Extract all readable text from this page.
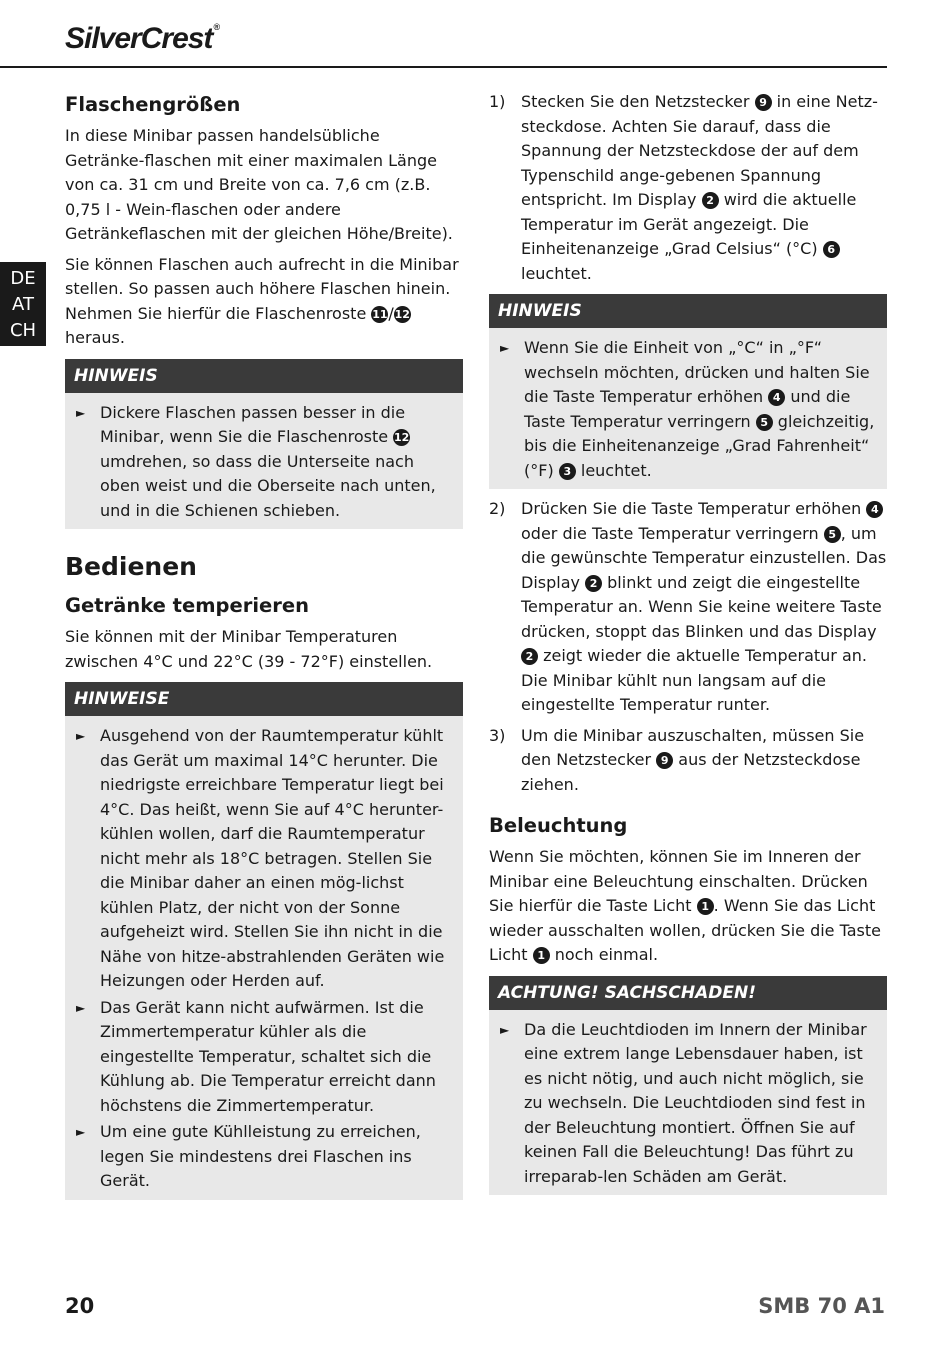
SilverCrest®
DE
AT
CH
Flaschengrößen

In diese Minibar passen handelsübliche Getränke-flaschen mit einer maximalen Länge von ca. 31 cm und Breite von ca. 7,6 cm (z.B. 0,75 l - Wein-flaschen oder andere Getränkeflaschen mit der gleichen Höhe/Breite).

Sie können Flaschen auch aufrecht in die Minibar stellen. So passen auch höhere Flaschen hinein. Nehmen Sie hierfür die Flaschenroste 11/12 heraus.

HINWEIS
► Dickere Flaschen passen besser in die Minibar, wenn Sie die Flaschenroste 12 umdrehen, so dass die Unterseite nach oben weist und die Oberseite nach unten, und in die Schienen schieben.
Bedienen
Getränke temperieren

Sie können mit der Minibar Temperaturen zwischen 4°C und 22°C (39 - 72°F) einstellen.

HINWEISE
► Ausgehend von der Raumtemperatur kühlt das Gerät um maximal 14°C herunter. Die niedrigste erreichbare Temperatur liegt bei 4°C. Das heißt, wenn Sie auf 4°C herunter-kühlen wollen, darf die Raumtemperatur nicht mehr als 18°C betragen. Stellen Sie die Minibar daher an einen mög-lichst kühlen Platz, der nicht von der Sonne aufgeheizt wird. Stellen Sie ihn nicht in die Nähe von hitze-abstrahlenden Geräten wie Heizungen oder Herden auf.
► Das Gerät kann nicht aufwärmen. Ist die Zimmertemperatur kühler als die eingestellte Temperatur, schaltet sich die Kühlung ab. Die Temperatur erreicht dann höchstens die Zimmertemperatur.
► Um eine gute Kühlleistung zu erreichen, legen Sie mindestens drei Flaschen ins Gerät.
1) Stecken Sie den Netzstecker 9 in eine Netz-steckdose. Achten Sie darauf, dass die Spannung der Netzsteckdose der auf dem Typenschild ange-gebenen Spannung entspricht. Im Display 2 wird die aktuelle Temperatur im Gerät angezeigt. Die Einheitenanzeige „Grad Celsius“ (°C) 6 leuchtet.
HINWEIS
► Wenn Sie die Einheit von „°C“ in „°F“ wechseln möchten, drücken und halten Sie die Taste Temperatur erhöhen 4 und die Taste Temperatur verringern 5 gleichzeitig, bis die Einheitenanzeige „Grad Fahrenheit“ (°F) 3 leuchtet.
2) Drücken Sie die Taste Temperatur erhöhen 4 oder die Taste Temperatur verringern 5 , um die gewünschte Temperatur einzustellen. Das Display 2 blinkt und zeigt die eingestellte Temperatur an. Wenn Sie keine weitere Taste drücken, stoppt das Blinken und das Display 2 zeigt wieder die aktuelle Temperatur an. Die Minibar kühlt nun langsam auf die eingestellte Temperatur runter.
3) Um die Minibar auszuschalten, müssen Sie den Netzstecker 9 aus der Netzsteckdose ziehen.
Beleuchtung

Wenn Sie möchten, können Sie im Inneren der Minibar eine Beleuchtung einschalten. Drücken Sie hierfür die Taste Licht 1 . Wenn Sie das Licht wieder ausschalten wollen, drücken Sie die Taste Licht 1 noch einmal.

ACHTUNG! SACHSCHADEN!
► Da die Leuchtdioden im Innern der Minibar eine extrem lange Lebensdauer haben, ist es nicht nötig, und auch nicht möglich, sie zu wechseln. Die Leuchtdioden sind fest in der Beleuchtung montiert. Öffnen Sie auf keinen Fall die Beleuchtung! Das führt zu irreparab-len Schäden am Gerät.
20	SMB 70 A1
